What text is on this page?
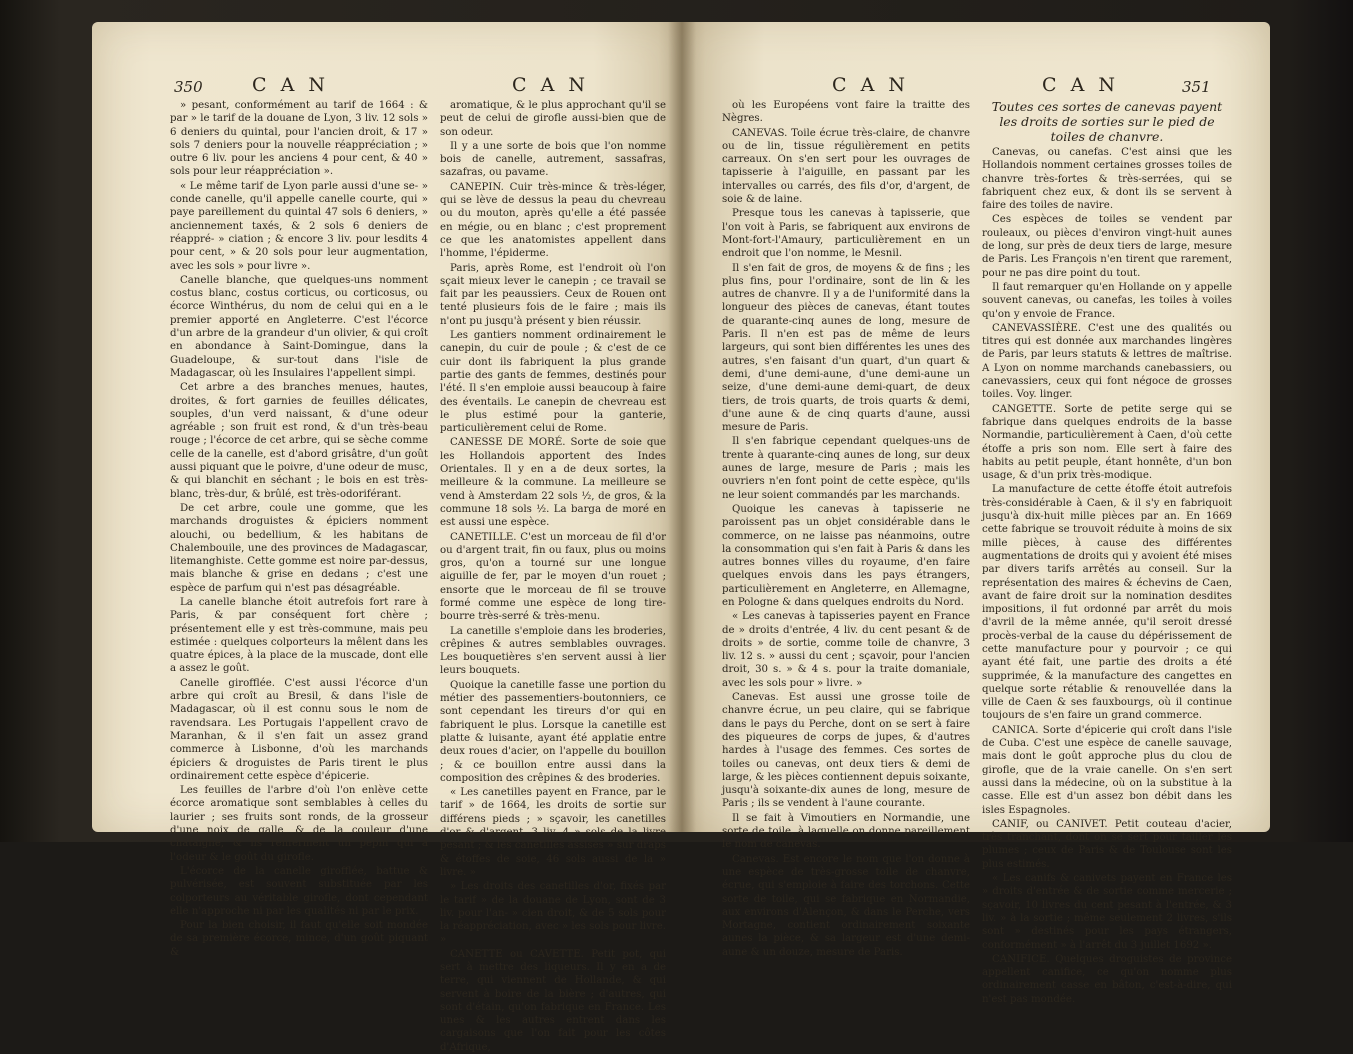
350	C A N	C A N

» pesant, conformément au tarif de 1664 : & par » le tarif de la douane de Lyon, 3 liv. 12 sols » 6 deniers du quintal, pour l'ancien droit, & 17 » sols 7 deniers pour la nouvelle réappréciation ; » outre 6 liv. pour les anciens 4 pour cent, & 40 » sols pour leur réappréciation ».

« Le même tarif de Lyon parle aussi d'une se- » conde canelle, qu'il appelle canelle courte, qui » paye pareillement du quintal 47 sols 6 deniers, » anciennement taxés, & 2 sols 6 deniers de réappré- » ciation ; & encore 3 liv. pour lesdits 4 pour cent, » & 20 sols pour leur augmentation, avec les sols » pour livre ».

Canelle blanche, que quelques-uns nomment costus blanc, costus corticus, ou corticosus, ou écorce Winthérus, du nom de celui qui en a le premier apporté en Angleterre. C'est l'écorce d'un arbre de la grandeur d'un olivier, & qui croît en abondance à Saint-Domingue, dans la Guadeloupe, & sur-tout dans l'isle de Madagascar, où les Insulaires l'appellent simpi.

Cet arbre a des branches menues, hautes, droites, & fort garnies de feuilles délicates, souples, d'un verd naissant, & d'une odeur agréable ; son fruit est rond, & d'un très-beau rouge ; l'écorce de cet arbre, qui se sèche comme celle de la canelle, est d'abord grisâtre, d'un goût aussi piquant que le poivre, d'une odeur de musc, & qui blanchit en séchant ; le bois en est très-blanc, très-dur, & brûlé, est très-odoriférant.

De cet arbre, coule une gomme, que les marchands droguistes & épiciers nomment alouchi, ou bedellium, & les habitans de Chalembouile, une des provinces de Madagascar, litemanghiste. Cette gomme est noire par-dessus, mais blanche & grise en dedans ; c'est une espèce de parfum qui n'est pas désagréable.

La canelle blanche étoit autrefois fort rare à Paris, & par conséquent fort chère ; présentement elle y est très-commune, mais peu estimée : quelques colporteurs la mêlent dans les quatre épices, à la place de la muscade, dont elle a assez le goût.

Canelle girofflée. C'est aussi l'écorce d'un arbre qui croît au Bresil, & dans l'isle de Madagascar, où il est connu sous le nom de ravendsara. Les Portugais l'appellent cravo de Maranhan, & il s'en fait un assez grand commerce à Lisbonne, d'où les marchands épiciers & droguistes de Paris tirent le plus ordinairement cette espèce d'épicerie.

Les feuilles de l'arbre d'où l'on enlève cette écorce aromatique sont semblables à celles du laurier ; ses fruits sont ronds, de la grosseur d'une noix de galle, & de la couleur d'une châtaigne, & ils renferment un pepin qui a l'odeur & le goût du girofle.

L'écorce de la canelle girofflée, battue & pulvérisée, est souvent substituée par les colporteurs au véritable girofle, dont cependant elle n'approche ni par les qualités ni par le prix.

Pour la bien choisir, il faut qu'elle soit mondée de sa première écorce, mince, d'un goût piquant &

aromatique, & le plus approchant qu'il se peut de celui de girofle aussi-bien que de son odeur.

Il y a une sorte de bois que l'on nomme bois de canelle, autrement, sassafras, sazafras, ou pavame.

CANEPIN. Cuir très-mince & très-léger, qui se lève de dessus la peau du chevreau ou du mouton, après qu'elle a été passée en mégie, ou en blanc ; c'est proprement ce que les anatomistes appellent dans l'homme, l'épiderme.

Paris, après Rome, est l'endroit où l'on sçait mieux lever le canepin ; ce travail se fait par les peaussiers. Ceux de Rouen ont tenté plusieurs fois de le faire ; mais ils n'ont pu jusqu'à présent y bien réussir.

Les gantiers nomment ordinairement le canepin, du cuir de poule ; & c'est de ce cuir dont ils fabriquent la plus grande partie des gants de femmes, destinés pour l'été. Il s'en emploie aussi beaucoup à faire des éventails. Le canepin de chevreau est le plus estimé pour la ganterie, particulièrement celui de Rome.

CANESSE DE MORÉ. Sorte de soie que les Hollandois apportent des Indes Orientales. Il y en a de deux sortes, la meilleure & la commune. La meilleure se vend à Amsterdam 22 sols ½, de gros, & la commune 18 sols ½. La barga de moré en est aussi une espèce.

CANETILLE. C'est un morceau de fil d'or ou d'argent trait, fin ou faux, plus ou moins gros, qu'on a tourné sur une longue aiguille de fer, par le moyen d'un rouet ; ensorte que le morceau de fil se trouve formé comme une espèce de long tire-bourre très-serré & très-menu.

La canetille s'emploie dans les broderies, crêpines & autres semblables ouvrages. Les bouquetières s'en servent aussi à lier leurs bouquets.

Quoique la canetille fasse une portion du métier des passementiers-boutonniers, ce sont cependant les tireurs d'or qui en fabriquent le plus. Lorsque la canetille est platte & luisante, ayant été applatie entre deux roues d'acier, on l'appelle du bouillon ; & ce bouillon entre aussi dans la composition des crêpines & des broderies.

« Les canetilles payent en France, par le tarif » de 1664, les droits de sortie sur différens pieds ; » sçavoir, les canetilles d'or & d'argent, 3 liv. 4 » sols de la livre pesant ; & les canetilles assises » sur draps & étoffes de soie, 46 sols aussi de la » livre. »

» Les droits des canetilles d'or, fixés par le tarif » de la douane de Lyon, sont de 3 liv. pour l'an- » cien droit, & de 5 sols pour la réappréciation, avec » les sols pour livre. »

CANETTE ou CAVETTE. Petit pot, qui sert à mettre des liqueurs. Il y en a de terre, qui viennent de Hollande, & qui servent à boire de la bière ; d'autres, qui sont d'étain, qu'on fabrique en France. Les unes & les autres entrent dans les cargaisons que l'on fait pour les côtes d'Afrique,

C A N	C A N	351

où les Européens vont faire la traitte des Nègres.

CANEVAS. Toile écrue très-claire, de chanvre ou de lin, tissue régulièrement en petits carreaux. On s'en sert pour les ouvrages de tapisserie à l'aiguille, en passant par les intervalles ou carrés, des fils d'or, d'argent, de soie & de laine.

Presque tous les canevas à tapisserie, que l'on voit à Paris, se fabriquent aux environs de Mont-fort-l'Amaury, particulièrement en un endroit que l'on nomme, le Mesnil.

Il s'en fait de gros, de moyens & de fins ; les plus fins, pour l'ordinaire, sont de lin & les autres de chanvre. Il y a de l'uniformité dans la longueur des pièces de canevas, étant toutes de quarante-cinq aunes de long, mesure de Paris. Il n'en est pas de même de leurs largeurs, qui sont bien différentes les unes des autres, s'en faisant d'un quart, d'un quart & demi, d'une demi-aune, d'une demi-aune un seize, d'une demi-aune demi-quart, de deux tiers, de trois quarts, de trois quarts & demi, d'une aune & de cinq quarts d'aune, aussi mesure de Paris.

Il s'en fabrique cependant quelques-uns de trente à quarante-cinq aunes de long, sur deux aunes de large, mesure de Paris ; mais les ouvriers n'en font point de cette espèce, qu'ils ne leur soient commandés par les marchands.

Quoique les canevas à tapisserie ne paroissent pas un objet considérable dans le commerce, on ne laisse pas néanmoins, outre la consommation qui s'en fait à Paris & dans les autres bonnes villes du royaume, d'en faire quelques envois dans les pays étrangers, particulièrement en Angleterre, en Allemagne, en Pologne & dans quelques endroits du Nord.

« Les canevas à tapisseries payent en France de » droits d'entrée, 4 liv. du cent pesant & de droits » de sortie, comme toile de chanvre, 3 liv. 12 s. » aussi du cent ; sçavoir, pour l'ancien droit, 30 s. » & 4 s. pour la traite domaniale, avec les sols pour » livre. »

Canevas. Est aussi une grosse toile de chanvre écrue, un peu claire, qui se fabrique dans le pays du Perche, dont on se sert à faire des piqueures de corps de jupes, & d'autres hardes à l'usage des femmes. Ces sortes de toiles ou canevas, ont deux tiers & demi de large, & les pièces contiennent depuis soixante, jusqu'à soixante-dix aunes de long, mesure de Paris ; ils se vendent à l'aune courante.

Il se fait à Vimoutiers en Normandie, une sorte de toile, à laquelle on donne pareillement le nom de canevas.

Canevas. Est encore le nom que l'on donne à une espèce de très-grosse toile de chanvre, écrue, qui s'emploie à faire des torchons. Cette sorte de toile, qui se fabrique en Normandie, aux environs d'Alençon, & dans le Perche, vers Mortagne, contient ordinairement soixante aunes la pièce, & sa largeur est d'une demi-aune & un douze, mesure de Paris.

Toutes ces sortes de canevas payent les droits de sorties sur le pied de toiles de chanvre.

Canevas, ou canefas. C'est ainsi que les Hollandois nomment certaines grosses toiles de chanvre très-fortes & très-serrées, qui se fabriquent chez eux, & dont ils se servent à faire des toiles de navire.

Ces espèces de toiles se vendent par rouleaux, ou pièces d'environ vingt-huit aunes de long, sur près de deux tiers de large, mesure de Paris. Les François n'en tirent que rarement, pour ne pas dire point du tout.

Il faut remarquer qu'en Hollande on y appelle souvent canevas, ou canefas, les toiles à voiles qu'on y envoie de France.

CANEVASSIÈRE. C'est une des qualités ou titres qui est donnée aux marchandes lingères de Paris, par leurs statuts & lettres de maîtrise. A Lyon on nomme marchands canebassiers, ou canevassiers, ceux qui font négoce de grosses toiles. Voy. linger.

CANGETTE. Sorte de petite serge qui se fabrique dans quelques endroits de la basse Normandie, particulièrement à Caen, d'où cette étoffe a pris son nom. Elle sert à faire des habits au petit peuple, étant honnête, d'un bon usage, & d'un prix très-modique.

La manufacture de cette étoffe étoit autrefois très-considérable à Caen, & il s'y en fabriquoit jusqu'à dix-huit mille pièces par an. En 1669 cette fabrique se trouvoit réduite à moins de six mille pièces, à cause des différentes augmentations de droits qui y avoient été mises par divers tarifs arrêtés au conseil. Sur la représentation des maires & échevins de Caen, avant de faire droit sur la nomination desdites impositions, il fut ordonné par arrêt du mois d'avril de la même année, qu'il seroit dressé procès-verbal de la cause du dépérissement de cette manufacture pour y pourvoir ; ce qui ayant été fait, une partie des droits a été supprimée, & la manufacture des cangettes en quelque sorte rétablie & renouvellée dans la ville de Caen & ses fauxbourgs, où il continue toujours de s'en faire un grand commerce.

CANICA. Sorte d'épicerie qui croît dans l'isle de Cuba. C'est une espèce de canelle sauvage, mais dont le goût approche plus du clou de girofle, que de la vraie canelle. On s'en sert aussi dans la médecine, où on la substitue à la casse. Elle est d'un assez bon débit dans les isles Espagnoles.

CANIF, ou CANIVET. Petit couteau d'acier, très tranchant, dont on se sert pour tailler les plumes ; ceux de Paris & de Toulouse sont les plus estimés.

« Les canifs & canivets payent en France les » droits d'entrée & de sortie comme mercerie ; sçavoir, 10 livres du cent pesant à l'entrée, & 3 liv. » à la sortie ; même seulement 2 livres, s'ils sont » destinés pour les pays étrangers, conformément » à l'arrêt du 3 juillet 1692 ».

CANIFICE. Quelques droguistes de province appellent canifice, ce qu'on nomme plus ordinairement casse en bâton, c'est-à-dire, qui n'est pas mondée.
